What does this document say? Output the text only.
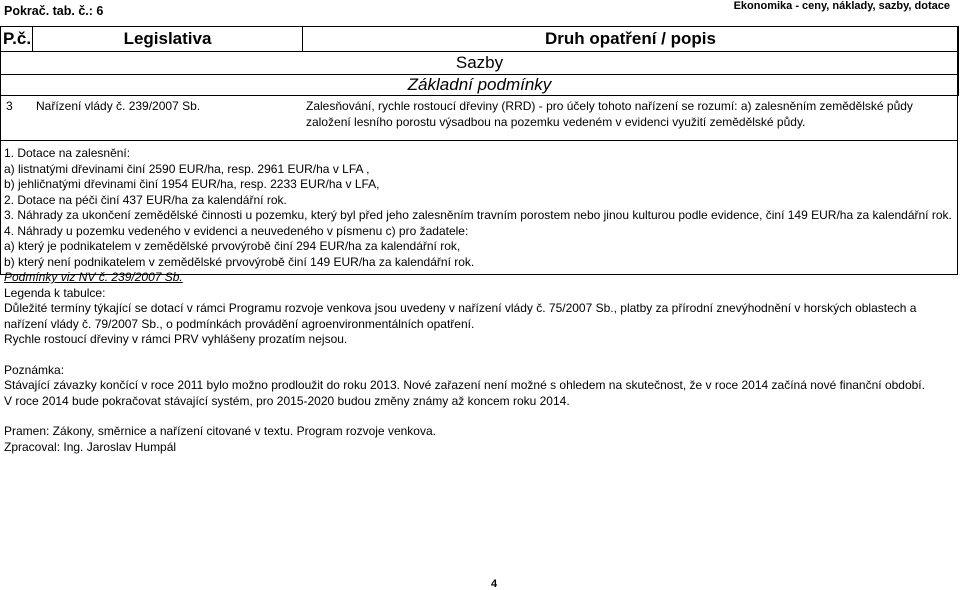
Pokrač. tab. č.: 6	Ekonomika - ceny, náklady, sazby, dotace
P.č.	Legislativa	Druh opatření / popis
Sazby
Základní podmínky
3 Nařízení vlády č. 239/2007 Sb.	Zalesňování, rychle rostoucí dřeviny (RRD) - pro účely tohoto nařízení se rozumí: a) zalesněním zemědělské půdy
založení lesního porostu výsadbou na pozemku vedeném v evidenci využití zemědělské půdy.
1. Dotace na zalesnění:
a) listnatými dřevinami činí 2590 EUR/ha, resp. 2961 EUR/ha v LFA ,
b) jehličnatými dřevinami činí 1954 EUR/ha, resp. 2233 EUR/ha v LFA,
2. Dotace na péči činí 437 EUR/ha za kalendářní rok.
3. Náhrady za ukončení zemědělské činnosti u pozemku, který byl před jeho zalesněním travním porostem nebo jinou kulturou podle evidence, činí 149 EUR/ha za kalendářní rok.
4. Náhrady u pozemku vedeného v evidenci a neuvedeného v písmenu c) pro žadatele:
a) který je podnikatelem v zemědělské prvovýrobě činí 294 EUR/ha za kalendářní rok,
b) který není podnikatelem v zemědělské prvovýrobě činí 149 EUR/ha za kalendářní rok.
Podmínky viz NV č. 239/2007 Sb.
Legenda k tabulce:
Důležité termíny týkající se dotací v rámci Programu rozvoje venkova jsou uvedeny v nařízení vlády č. 75/2007 Sb., platby za přírodní znevýhodnění v horských oblastech a
nařízení vlády č. 79/2007 Sb., o podmínkách provádění agroenvironmentálních opatření.
Rychle rostoucí dřeviny v rámci PRV vyhlášeny prozatím nejsou.
Poznámka:
Stávající závazky končící v roce 2011 bylo možno prodloužit do roku 2013. Nové zařazení není možné s ohledem na skutečnost, že v roce 2014 začíná nové finanční období.
V roce 2014 bude pokračovat stávající systém, pro 2015-2020 budou změny známy až koncem roku 2014.
Pramen: Zákony, směrnice a nařízení citované v textu. Program rozvoje venkova.
Zpracoval: Ing. Jaroslav Humpál
4
